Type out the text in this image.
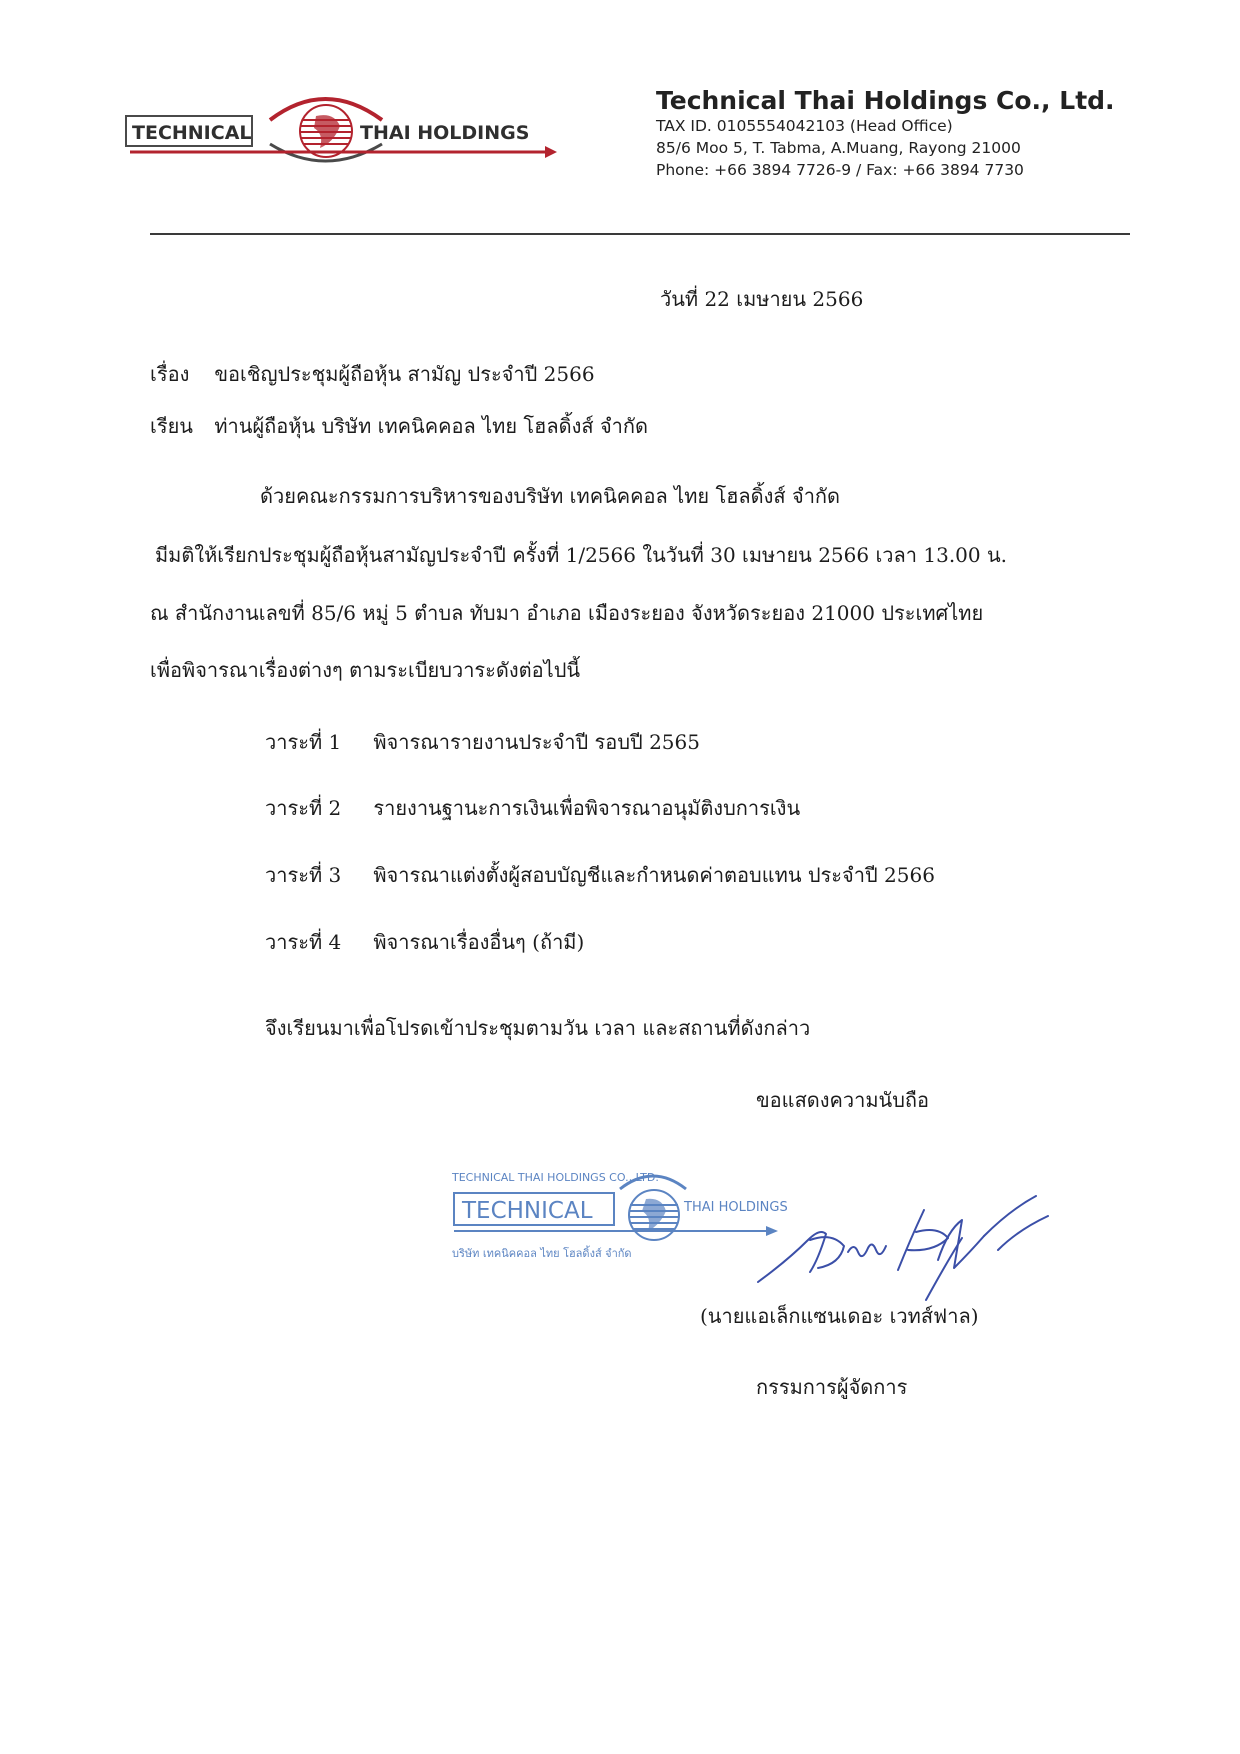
TECHNICAL	THAI HOLDINGS
Technical Thai Holdings Co., Ltd.
TAX ID. 0105554042103 (Head Office)
85/6 Moo 5, T. Tabma, A.Muang, Rayong 21000
Phone: +66 3894 7726-9 / Fax: +66 3894 7730
วันที่ 22 เมษายน 2566
เรื่อง ขอเชิญประชุมผู้ถือหุ้น สามัญ ประจำปี 2566
เรียน ท่านผู้ถือหุ้น บริษัท เทคนิคคอล ไทย โฮลดิ้งส์ จำกัด
ด้วยคณะกรรมการบริหารของบริษัท เทคนิคคอล ไทย โฮลดิ้งส์ จำกัด
มีมติให้เรียกประชุมผู้ถือหุ้นสามัญประจำปี ครั้งที่ 1/2566 ในวันที่ 30 เมษายน 2566 เวลา 13.00 น.
ณ สำนักงานเลขที่ 85/6 หมู่ 5 ตำบล ทับมา อำเภอ เมืองระยอง จังหวัดระยอง 21000 ประเทศไทย
เพื่อพิจารณาเรื่องต่างๆ ตามระเบียบวาระดังต่อไปนี้
วาระที่ 1 พิจารณารายงานประจำปี รอบปี 2565
วาระที่ 2 รายงานฐานะการเงินเพื่อพิจารณาอนุมัติงบการเงิน
วาระที่ 3 พิจารณาแต่งตั้งผู้สอบบัญชีและกำหนดค่าตอบแทน ประจำปี 2566
วาระที่ 4 พิจารณาเรื่องอื่นๆ (ถ้ามี)
จึงเรียนมาเพื่อโปรดเข้าประชุมตามวัน เวลา และสถานที่ดังกล่าว
ขอแสดงความนับถือ
TECHNICAL THAI HOLDINGS CO., LTD.
TECHNICAL	THAI HOLDINGS
บริษัท เทคนิคคอล ไทย โฮลดิ้งส์ จำกัด
(นายแอเล็กแซนเดอะ เวทส์ฟาล)
กรรมการผู้จัดการ
